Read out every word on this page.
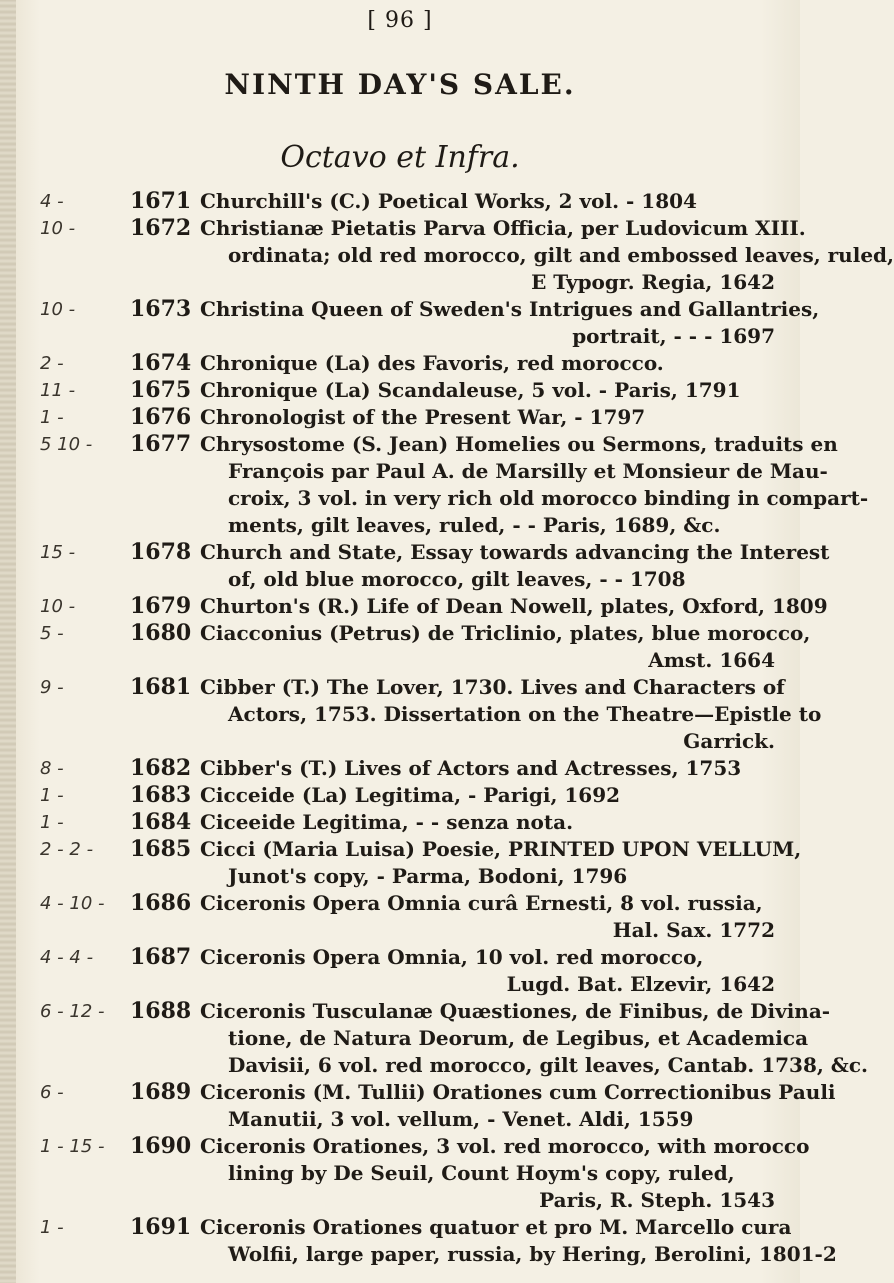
[ 96 ]
NINTH DAY'S SALE.
Octavo et Infra.
4 -	1671 Churchill's (C.) Poetical Works, 2 vol. - 1804
10 -	1672 Christianæ Pietatis Parva Officia, per Ludovicum XIII.
ordinata; old red morocco, gilt and embossed leaves, ruled,
E Typogr. Regia, 1642
10 -	1673 Christina Queen of Sweden's Intrigues and Gallantries,
portrait, - - - 1697
2 -	1674 Chronique (La) des Favoris, red morocco.
11 -	1675 Chronique (La) Scandaleuse, 5 vol. - Paris, 1791
1 -	1676 Chronologist of the Present War, - 1797
5 10 -	1677 Chrysostome (S. Jean) Homelies ou Sermons, traduits en
François par Paul A. de Marsilly et Monsieur de Mau-
croix, 3 vol. in very rich old morocco binding in compart-
ments, gilt leaves, ruled, - - Paris, 1689, &c.
15 -	1678 Church and State, Essay towards advancing the Interest
of, old blue morocco, gilt leaves, - - 1708
10 -	1679 Churton's (R.) Life of Dean Nowell, plates, Oxford, 1809
5 -	1680 Ciacconius (Petrus) de Triclinio, plates, blue morocco,
Amst. 1664
9 -	1681 Cibber (T.) The Lover, 1730. Lives and Characters of
Actors, 1753. Dissertation on the Theatre—Epistle to
Garrick.
8 -	1682 Cibber's (T.) Lives of Actors and Actresses, 1753
1 -	1683 Cicceide (La) Legitima, - Parigi, 1692
1 -	1684 Ciceeide Legitima, - - senza nota.
2 - 2 -	1685 Cicci (Maria Luisa) Poesie, PRINTED UPON VELLUM,
Junot's copy, - Parma, Bodoni, 1796
4 - 10 -	1686 Ciceronis Opera Omnia curâ Ernesti, 8 vol. russia,
Hal. Sax. 1772
4 - 4 -	1687 Ciceronis Opera Omnia, 10 vol. red morocco,
Lugd. Bat. Elzevir, 1642
6 - 12 -	1688 Ciceronis Tusculanæ Quæstiones, de Finibus, de Divina-
tione, de Natura Deorum, de Legibus, et Academica
Davisii, 6 vol. red morocco, gilt leaves, Cantab. 1738, &c.
6 -	1689 Ciceronis (M. Tullii) Orationes cum Correctionibus Pauli
Manutii, 3 vol. vellum, - Venet. Aldi, 1559
1 - 15 -	1690 Ciceronis Orationes, 3 vol. red morocco, with morocco
lining by De Seuil, Count Hoym's copy, ruled,
Paris, R. Steph. 1543
1 -	1691 Ciceronis Orationes quatuor et pro M. Marcello cura
Wolfii, large paper, russia, by Hering, Berolini, 1801-2
